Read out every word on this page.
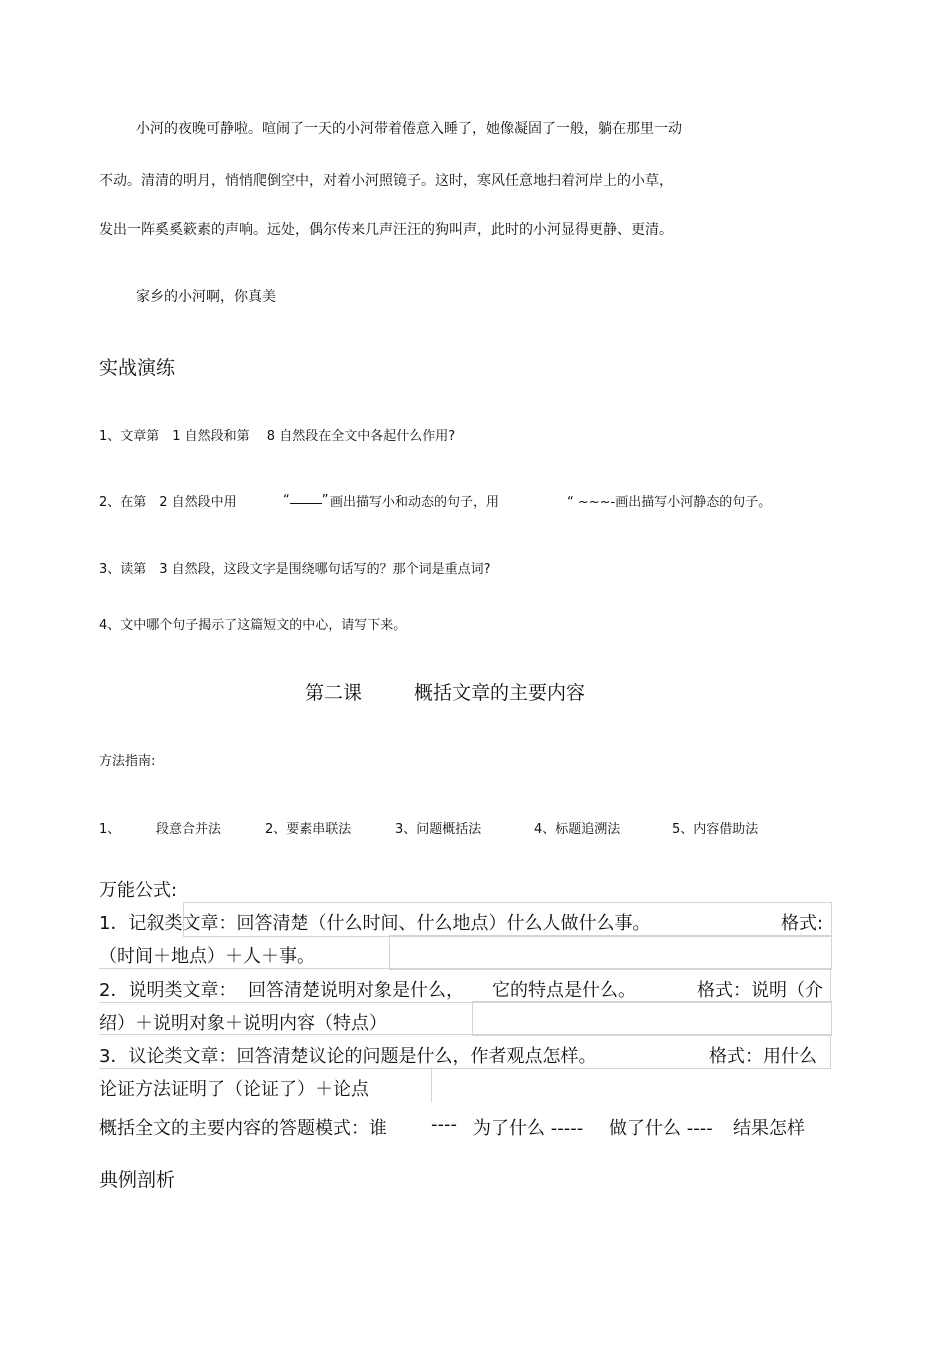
小河的夜晚可静啦。喧闹了一天的小河带着倦意入睡了，她像凝固了一般，躺在那里一动
不动。清清的明月，悄悄爬倒空中，对着小河照镜子。这时，寒风任意地扫着河岸上的小草，
发出一阵奚奚簌素的声响。远处，偶尔传来几声汪汪的狗叫声，此时的小河显得更静、更清。
家乡的小河啊，你真美
实战演练
1、文章第　1 自然段和第　 8 自然段在全文中各起什么作用?
2、在第　2 自然段中用	“ ” 画出描写小和动态的句子，用	“ ~~~-画出描写小河静态的句子。
3、读第　3 自然段，这段文字是围绕哪句话写的？那个词是重点词?
4、文中哪个句子揭示了这篇短文的中心，请写下来。
第二课	概括文章的主要内容
方法指南:
1、	段意合并法	2、要素串联法	3、问题概括法	4、标题追溯法	5、内容借助法
万能公式:
1．记叙类文章：回答清楚（什么时间、什么地点）什么人做什么事。	格式:
（时间＋地点）＋人＋事。
2．说明类文章： 回答清楚说明对象是什么， 它的特点是什么。	格式：说明（介
绍）＋说明对象＋说明内容（特点）
3．议论类文章：回答清楚议论的问题是什么，作者观点怎样。	格式：用什么
论证方法证明了（论证了）＋论点
概括全文的主要内容的答题模式：谁 ---- 为了什么 ----- 做了什么 ---- 结果怎样
典例剖析
